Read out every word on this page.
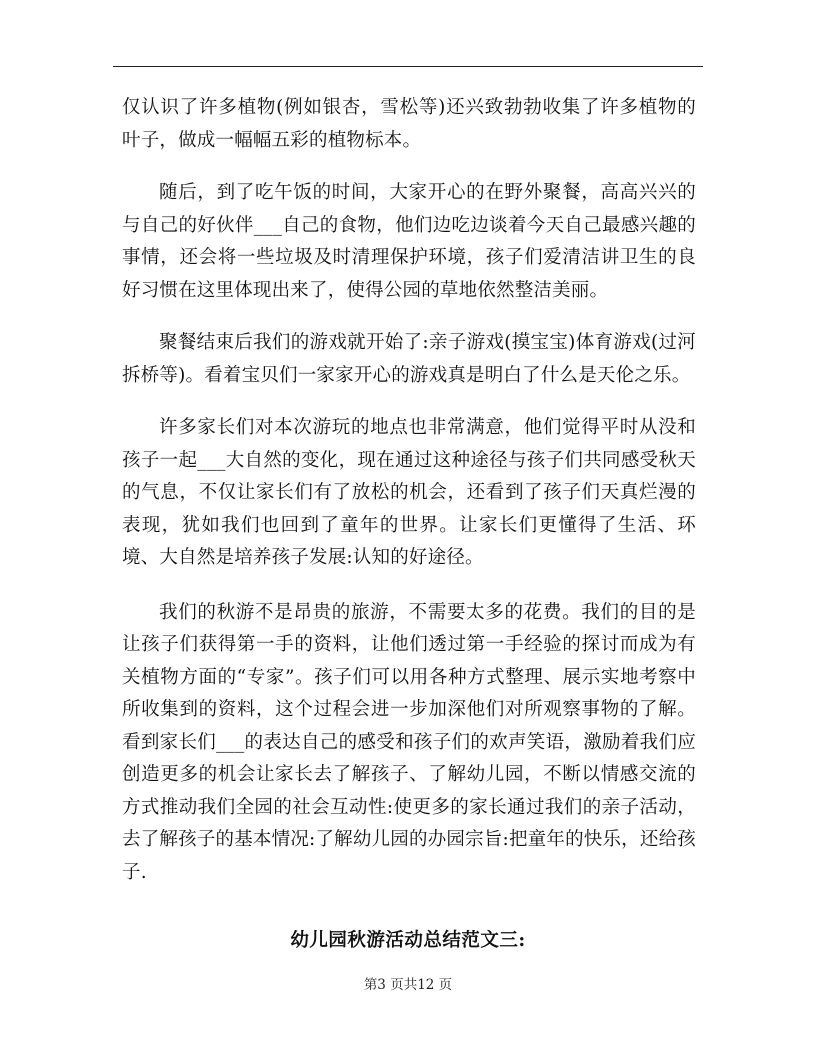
仅认识了许多植物(例如银杏，雪松等)还兴致勃勃收集了许多植物的叶子，做成一幅幅五彩的植物标本。

随后，到了吃午饭的时间，大家开心的在野外聚餐，高高兴兴的与自己的好伙伴___自己的食物，他们边吃边谈着今天自己最感兴趣的事情，还会将一些垃圾及时清理保护环境，孩子们爱清洁讲卫生的良好习惯在这里体现出来了，使得公园的草地依然整洁美丽。

聚餐结束后我们的游戏就开始了:亲子游戏(摸宝宝)体育游戏(过河拆桥等)。看着宝贝们一家家开心的游戏真是明白了什么是天伦之乐。

许多家长们对本次游玩的地点也非常满意，他们觉得平时从没和孩子一起___大自然的变化，现在通过这种途径与孩子们共同感受秋天的气息，不仅让家长们有了放松的机会，还看到了孩子们天真烂漫的表现，犹如我们也回到了童年的世界。让家长们更懂得了生活、环境、大自然是培养孩子发展:认知的好途径。

我们的秋游不是昂贵的旅游，不需要太多的花费。我们的目的是让孩子们获得第一手的资料，让他们透过第一手经验的探讨而成为有关植物方面的“专家”。孩子们可以用各种方式整理、展示实地考察中所收集到的资料，这个过程会进一步加深他们对所观察事物的了解。看到家长们___的表达自己的感受和孩子们的欢声笑语，激励着我们应创造更多的机会让家长去了解孩子、了解幼儿园，不断以情感交流的方式推动我们全园的社会互动性:使更多的家长通过我们的亲子活动，去了解孩子的基本情况:了解幼儿园的办园宗旨:把童年的快乐，还给孩子.

幼儿园秋游活动总结范文三:

第3 页共12 页
